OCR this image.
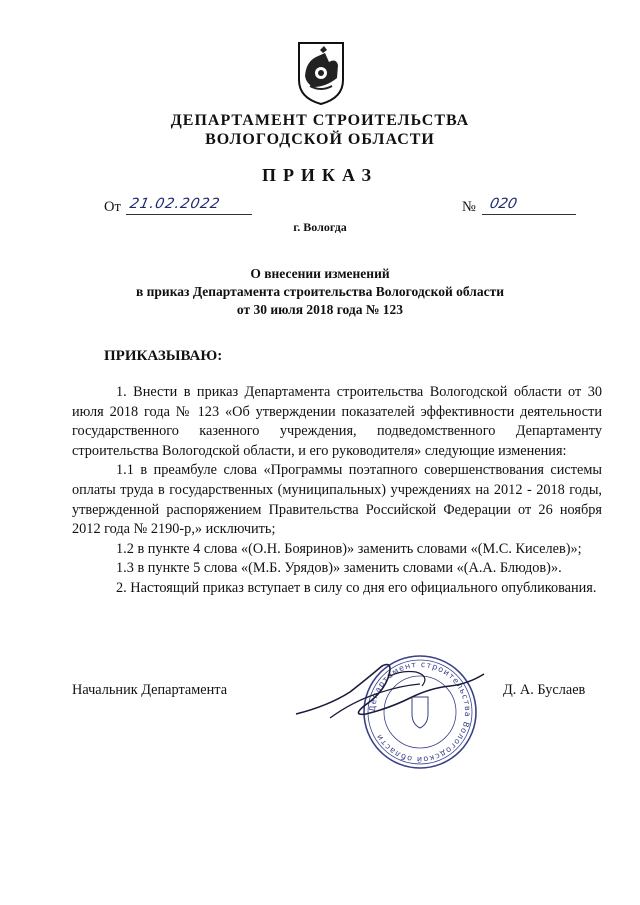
ДЕПАРТАМЕНТ СТРОИТЕЛЬСТВА
ВОЛОГОДСКОЙ ОБЛАСТИ
ПРИКАЗ
От 21.02.2022	№ 020
г. Вологда
О внесении изменений
в приказ Департамента строительства Вологодской области
от 30 июля 2018 года № 123
ПРИКАЗЫВАЮ:

1. Внести в приказ Департамента строительства Вологодской области от 30 июля 2018 года № 123 «Об утверждении показателей эффективности деятельности государственного казенного учреждения, подведомственного Департаменту строительства Вологодской области, и его руководителя» следующие изменения:

1.1 в преамбуле слова «Программы поэтапного совершенствования системы оплаты труда в государственных (муниципальных) учреждениях на 2012 - 2018 годы, утвержденной распоряжением Правительства Российской Федерации от 26 ноября 2012 года № 2190-р,» исключить;

1.2 в пункте 4 слова «(О.Н. Бояринов)» заменить словами «(М.С. Киселев)»;

1.3 в пункте 5 слова «(М.Б. Урядов)» заменить словами «(А.А. Блюдов)».

2. Настоящий приказ вступает в силу со дня его официального опубликования.

Департамент строительства Вологодской области
Начальник Департамента	Д. А. Буслаев
